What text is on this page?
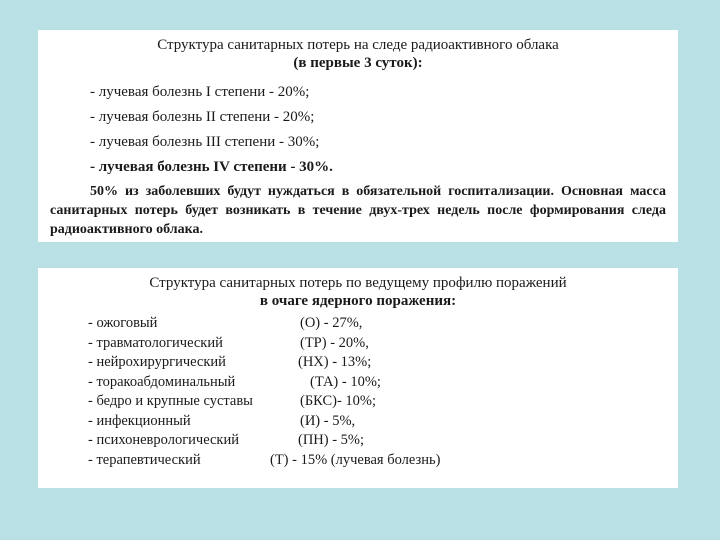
Структура санитарных потерь на следе радиоактивного облака

(в первые 3 суток):

- лучевая болезнь I степени - 20%;
- лучевая болезнь II степени - 20%;
- лучевая болезнь III степени - 30%;
- лучевая болезнь IV степени - 30%.

50% из заболевших будут нуждаться в обязательной госпитализации. Основная масса санитарных потерь будет возникать в течение двух-трех недель после формирования следа радиоактивного облака.

Структура санитарных потерь по ведущему профилю поражений

в очаге ядерного поражения:

- ожоговый	(О) - 27%,
- травматологический	(ТР) - 20%,
- нейрохирургический	(НХ) - 13%;
- торакоабдоминальный	(ТА) - 10%;
- бедро и крупные суставы	(БКС)- 10%;
- инфекционный	(И) - 5%,
- психоневрологический	(ПН) - 5%;
- терапевтический	(Т) - 15% (лучевая болезнь)
